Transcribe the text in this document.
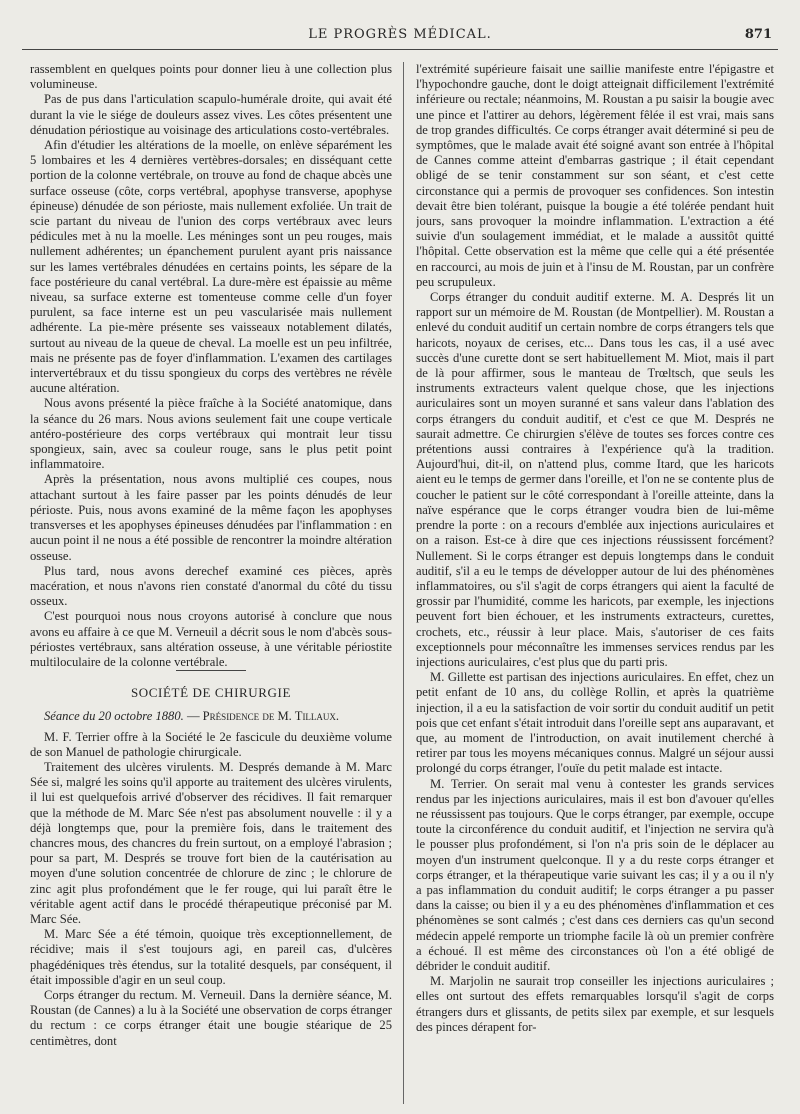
LE PROGRÈS MÉDICAL.	871

rassemblent en quelques points pour donner lieu à une collection plus volumineuse.

Pas de pus dans l'articulation scapulo-humérale droite, qui avait été durant la vie le siége de douleurs assez vives. Les côtes présentent une dénudation périostique au voisinage des articulations costo-vertébrales.

Afin d'étudier les altérations de la moelle, on enlève séparément les 5 lombaires et les 4 dernières vertèbres-dorsales; en disséquant cette portion de la colonne vertébrale, on trouve au fond de chaque abcès une surface osseuse (côte, corps vertébral, apophyse transverse, apophyse épineuse) dénudée de son périoste, mais nullement exfoliée. Un trait de scie partant du niveau de l'union des corps vertébraux avec leurs pédicules met à nu la moelle. Les méninges sont un peu rouges, mais nullement adhérentes; un épanchement purulent ayant pris naissance sur les lames vertébrales dénudées en certains points, les sépare de la face postérieure du canal vertébral. La dure-mère est épaissie au même niveau, sa surface externe est tomenteuse comme celle d'un foyer purulent, sa face interne est un peu vascularisée mais nullement adhérente. La pie-mère présente ses vaisseaux notablement dilatés, surtout au niveau de la queue de cheval. La moelle est un peu infiltrée, mais ne présente pas de foyer d'inflammation. L'examen des cartilages intervertébraux et du tissu spongieux du corps des vertèbres ne révèle aucune altération.

Nous avons présenté la pièce fraîche à la Société anatomique, dans la séance du 26 mars. Nous avions seulement fait une coupe verticale antéro-postérieure des corps vertébraux qui montrait leur tissu spongieux, sain, avec sa couleur rouge, sans le plus petit point inflammatoire.

Après la présentation, nous avons multiplié ces coupes, nous attachant surtout à les faire passer par les points dénudés de leur périoste. Puis, nous avons examiné de la même façon les apophyses transverses et les apophyses épineuses dénudées par l'inflammation : en aucun point il ne nous a été possible de rencontrer la moindre altération osseuse.

Plus tard, nous avons derechef examiné ces pièces, après macération, et nous n'avons rien constaté d'anormal du côté du tissu osseux.

C'est pourquoi nous nous croyons autorisé à conclure que nous avons eu affaire à ce que M. Verneuil a décrit sous le nom d'abcès sous-périostes vertébraux, sans altération osseuse, à une véritable périostite multiloculaire de la colonne vertébrale.

SOCIÉTÉ DE CHIRURGIE

Séance du 20 octobre 1880. — Présidence de M. Tillaux.

M. F. Terrier offre à la Société le 2e fascicule du deuxième volume de son Manuel de pathologie chirurgicale.

Traitement des ulcères virulents. M. Després demande à M. Marc Sée si, malgré les soins qu'il apporte au traitement des ulcères virulents, il lui est quelquefois arrivé d'observer des récidives. Il fait remarquer que la méthode de M. Marc Sée n'est pas absolument nouvelle : il y a déjà longtemps que, pour la première fois, dans le traitement des chancres mous, des chancres du frein surtout, on a employé l'abrasion ; pour sa part, M. Després se trouve fort bien de la cautérisation au moyen d'une solution concentrée de chlorure de zinc ; le chlorure de zinc agit plus profondément que le fer rouge, qui lui paraît être le véritable agent actif dans le procédé thérapeutique préconisé par M. Marc Sée.

M. Marc Sée a été témoin, quoique très exceptionnellement, de récidive; mais il s'est toujours agi, en pareil cas, d'ulcères phagédéniques très étendus, sur la totalité desquels, par conséquent, il était impossible d'agir en un seul coup.

Corps étranger du rectum. M. Verneuil. Dans la dernière séance, M. Roustan (de Cannes) a lu à la Société une observation de corps étranger du rectum : ce corps étranger était une bougie stéarique de 25 centimètres, dont

l'extrémité supérieure faisait une saillie manifeste entre l'épigastre et l'hypochondre gauche, dont le doigt atteignait difficilement l'extrémité inférieure ou rectale; néanmoins, M. Roustan a pu saisir la bougie avec une pince et l'attirer au dehors, légèrement fêlée il est vrai, mais sans de trop grandes difficultés. Ce corps étranger avait déterminé si peu de symptômes, que le malade avait été soigné avant son entrée à l'hôpital de Cannes comme atteint d'embarras gastrique ; il était cependant obligé de se tenir constamment sur son séant, et c'est cette circonstance qui a permis de provoquer ses confidences. Son intestin devait être bien tolérant, puisque la bougie a été tolérée pendant huit jours, sans provoquer la moindre inflammation. L'extraction a été suivie d'un soulagement immédiat, et le malade a aussitôt quitté l'hôpital. Cette observation est la même que celle qui a été présentée en raccourci, au mois de juin et à l'insu de M. Roustan, par un confrère peu scrupuleux.

Corps étranger du conduit auditif externe. M. A. Després lit un rapport sur un mémoire de M. Roustan (de Montpellier). M. Roustan a enlevé du conduit auditif un certain nombre de corps étrangers tels que haricots, noyaux de cerises, etc... Dans tous les cas, il a usé avec succès d'une curette dont se sert habituellement M. Miot, mais il part de là pour affirmer, sous le manteau de Trœltsch, que seuls les instruments extracteurs valent quelque chose, que les injections auriculaires sont un moyen suranné et sans valeur dans l'ablation des corps étrangers du conduit auditif, et c'est ce que M. Després ne saurait admettre. Ce chirurgien s'élève de toutes ses forces contre ces prétentions aussi contraires à l'expérience qu'à la tradition. Aujourd'hui, dit-il, on n'attend plus, comme Itard, que les haricots aient eu le temps de germer dans l'oreille, et l'on ne se contente plus de coucher le patient sur le côté correspondant à l'oreille atteinte, dans la naïve espérance que le corps étranger voudra bien de lui-même prendre la porte : on a recours d'emblée aux injections auriculaires et on a raison. Est-ce à dire que ces injections réussissent forcément? Nullement. Si le corps étranger est depuis longtemps dans le conduit auditif, s'il a eu le temps de développer autour de lui des phénomènes inflammatoires, ou s'il s'agit de corps étrangers qui aient la faculté de grossir par l'humidité, comme les haricots, par exemple, les injections peuvent fort bien échouer, et les instruments extracteurs, curettes, crochets, etc., réussir à leur place. Mais, s'autoriser de ces faits exceptionnels pour méconnaître les immenses services rendus par les injections auriculaires, c'est plus que du parti pris.

M. Gillette est partisan des injections auriculaires. En effet, chez un petit enfant de 10 ans, du collège Rollin, et après la quatrième injection, il a eu la satisfaction de voir sortir du conduit auditif un petit pois que cet enfant s'était introduit dans l'oreille sept ans auparavant, et que, au moment de l'introduction, on avait inutilement cherché à retirer par tous les moyens mécaniques connus. Malgré un séjour aussi prolongé du corps étranger, l'ouïe du petit malade est intacte.

M. Terrier. On serait mal venu à contester les grands services rendus par les injections auriculaires, mais il est bon d'avouer qu'elles ne réussissent pas toujours. Que le corps étranger, par exemple, occupe toute la circonférence du conduit auditif, et l'injection ne servira qu'à le pousser plus profondément, si l'on n'a pris soin de le déplacer au moyen d'un instrument quelconque. Il y a du reste corps étranger et corps étranger, et la thérapeutique varie suivant les cas; il y a ou il n'y a pas inflammation du conduit auditif; le corps étranger a pu passer dans la caisse; ou bien il y a eu des phénomènes d'inflammation et ces phénomènes se sont calmés ; c'est dans ces derniers cas qu'un second médecin appelé remporte un triomphe facile là où un premier confrère a échoué. Il est même des circonstances où l'on a été obligé de débrider le conduit auditif.

M. Marjolin ne saurait trop conseiller les injections auriculaires ; elles ont surtout des effets remarquables lorsqu'il s'agit de corps étrangers durs et glissants, de petits silex par exemple, et sur lesquels des pinces dérapent for-
